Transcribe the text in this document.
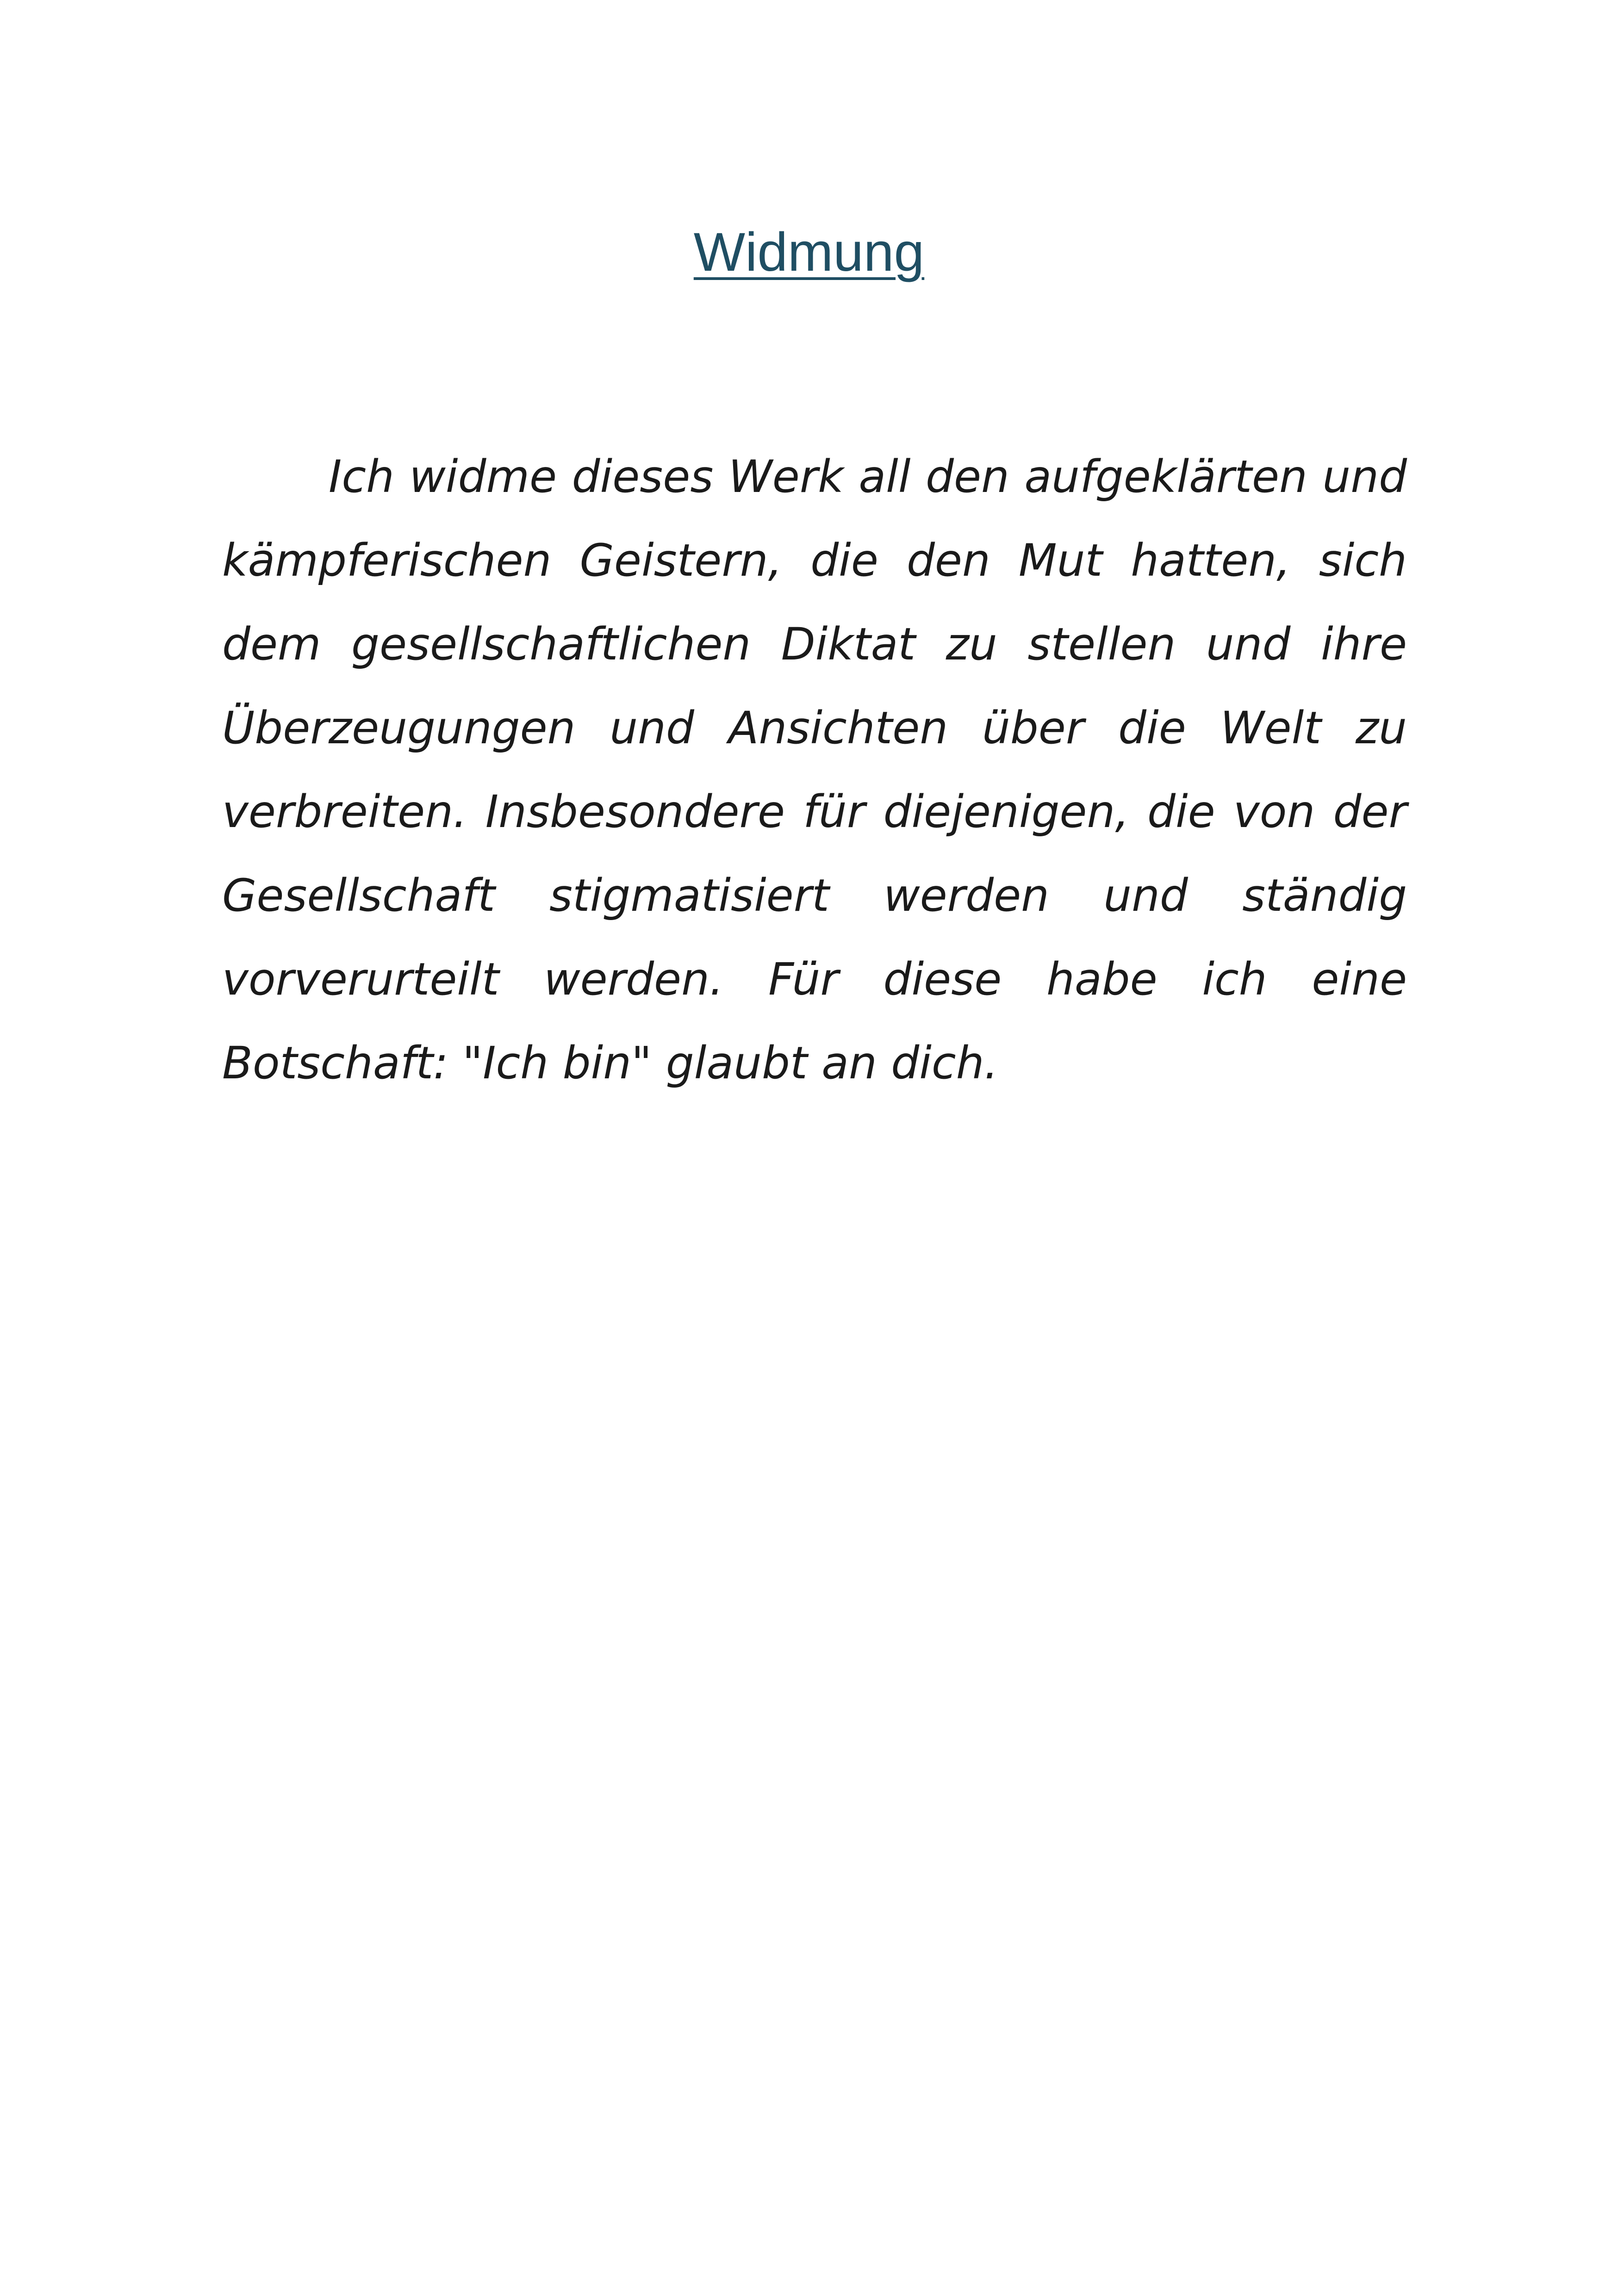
Widmung

Ich widme dieses Werk all den aufgeklärten und kämpferischen Geistern, die den Mut hatten, sich dem gesellschaftlichen Diktat zu stellen und ihre Überzeugungen und Ansichten über die Welt zu verbreiten. Insbesondere für diejenigen, die von der Gesellschaft stigmatisiert werden und ständig vorverurteilt werden. Für diese habe ich eine Botschaft: "Ich bin" glaubt an dich.
